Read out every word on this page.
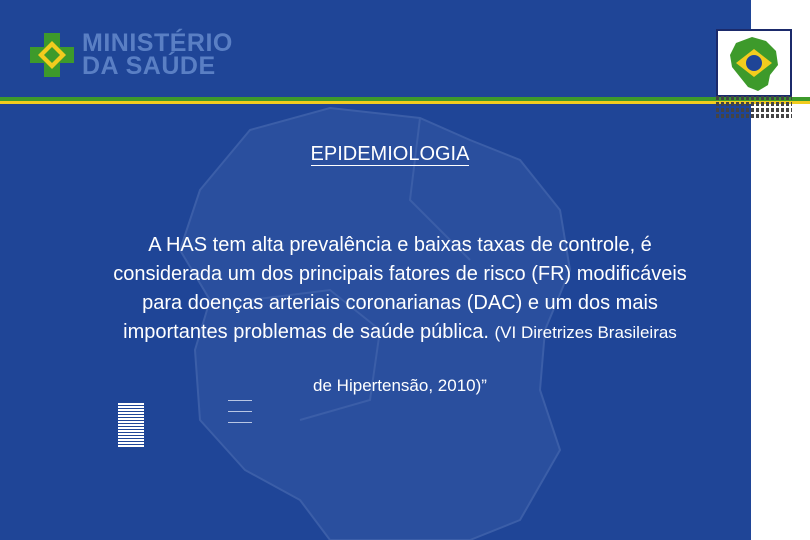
MINISTÉRIO
DA SAÚDE
EPIDEMIOLOGIA
A HAS tem alta prevalência e baixas taxas de controle, é considerada um dos principais fatores de risco (FR) modificáveis para doenças arteriais coronarianas (DAC) e um dos mais importantes problemas de saúde pública. (VI Diretrizes Brasileiras
de Hipertensão, 2010)”
